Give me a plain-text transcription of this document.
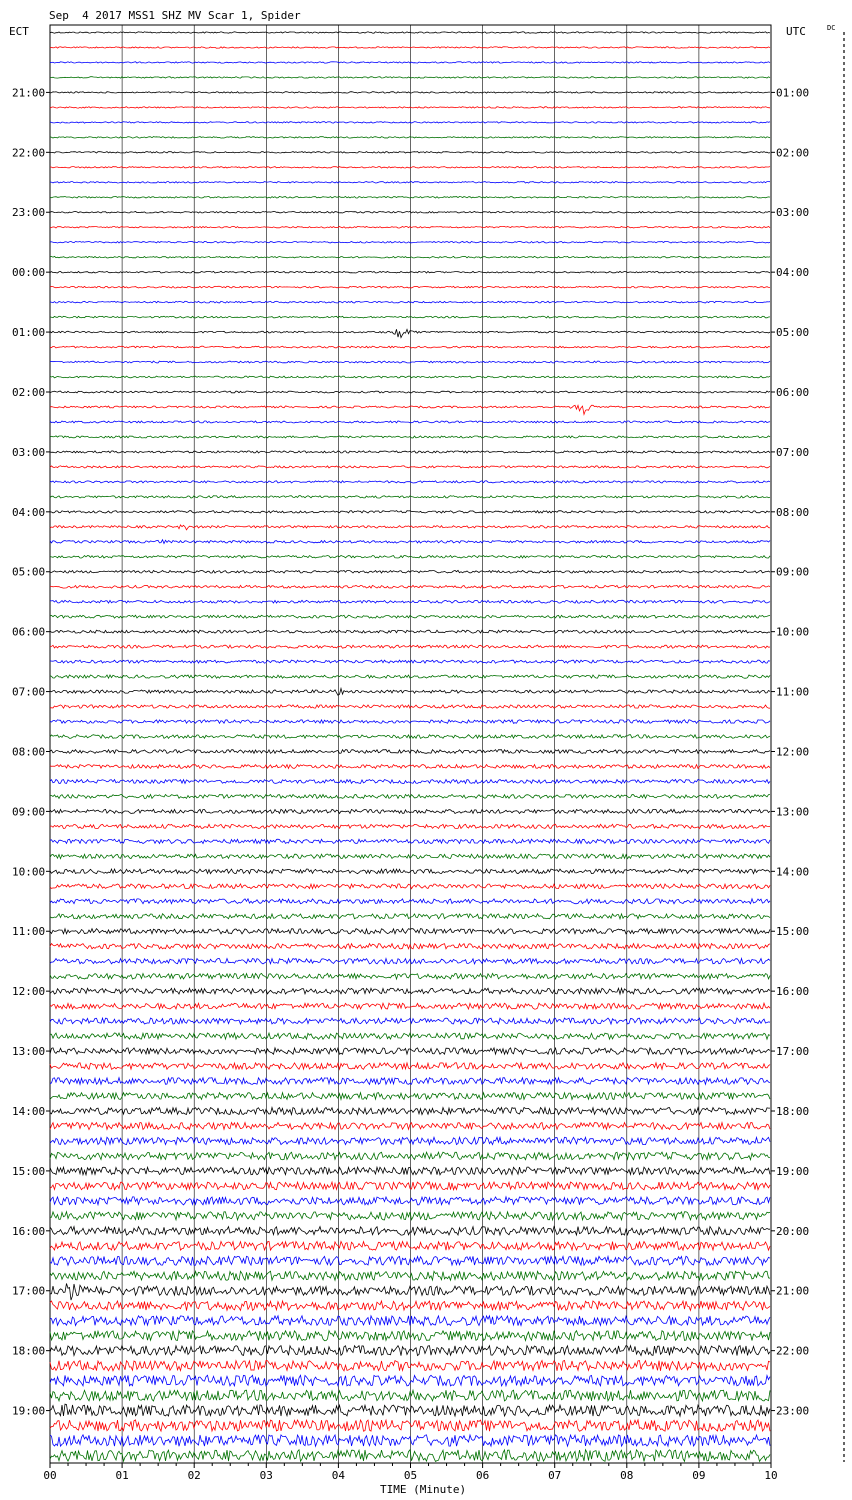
Sep  4 2017 MSS1 SHZ MV Scar 1, Spider
ECT	UTC	DC
TIME (Minute)
00	01	02	03	04	05	06	07	08	09	10
21:00
22:00
23:00
00:00
01:00
02:00
03:00
04:00
05:00
06:00
07:00
08:00
09:00
10:00
11:00
12:00
13:00
14:00
15:00
16:00
17:00
18:00
19:00
01:00
02:00
03:00
04:00
05:00
06:00
07:00
08:00
09:00
10:00
11:00
12:00
13:00
14:00
15:00
16:00
17:00
18:00
19:00
20:00
21:00
22:00
23:00
